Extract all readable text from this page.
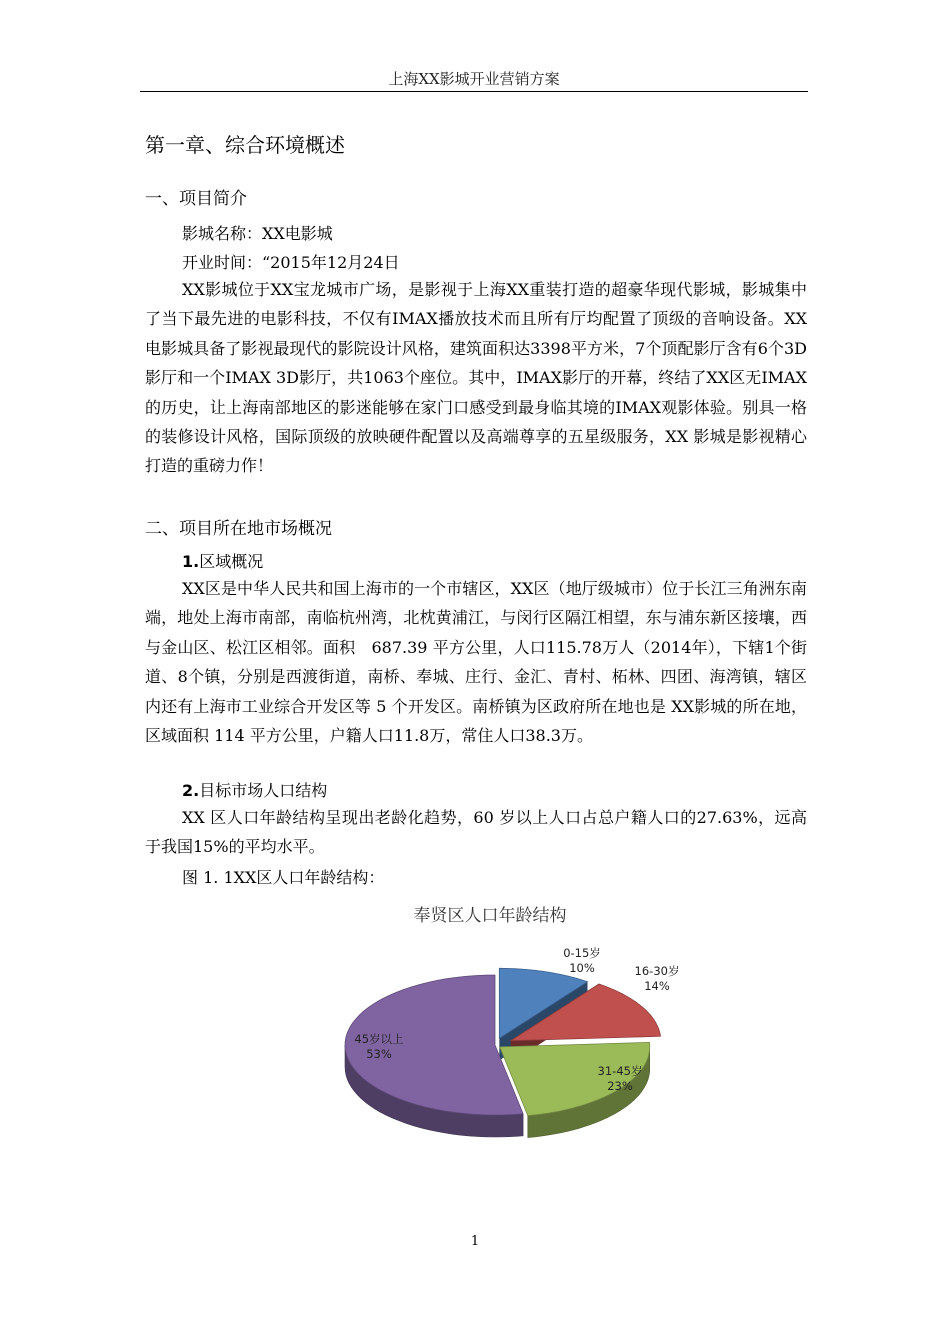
上海XX影城开业营销方案
第一章、综合环境概述
一、项目简介
影城名称：XX电影城
开业时间：“2015年12月24日

XX影城位于XX宝龙城市广场，是影视于上海XX重装打造的超豪华现代影城，影城集中了当下最先进的电影科技，不仅有IMAX播放技术而且所有厅均配置了顶级的音响设备。XX 电影城具备了影视最现代的影院设计风格，建筑面积达3398平方米，7个顶配影厅含有6个3D影厅和一个IMAX 3D影厅，共1063个座位。其中，IMAX影厅的开幕，终结了XX区无IMAX的历史，让上海南部地区的影迷能够在家门口感受到最身临其境的IMAX观影体验。别具一格的装修设计风格，国际顶级的放映硬件配置以及高端尊享的五星级服务，XX 影城是影视精心打造的重磅力作！

二、项目所在地市场概况
1.区域概况

XX区是中华人民共和国上海市的一个市辖区，XX区（地厅级城市）位于长江三角洲东南端，地处上海市南部，南临杭州湾，北枕黄浦江，与闵行区隔江相望，东与浦东新区接壤，西与金山区、松江区相邻。面积　687.39 平方公里，人口115.78万人（2014年），下辖1个街道、8个镇，分别是西渡街道，南桥、奉城、庄行、金汇、青村、柘林、四团、海湾镇，辖区内还有上海市工业综合开发区等 5 个开发区。南桥镇为区政府所在地也是 XX影城的所在地，区域面积 114 平方公里，户籍人口11.8万，常住人口38.3万。

2.目标市场人口结构

XX 区人口年龄结构呈现出老龄化趋势，60 岁以上人口占总户籍人口的27.63%，远高于我国15%的平均水平。

图 1. 1XX区人口年龄结构：
奉贤区人口年龄结构
0-15岁
10%	16-30岁
14%
31-45岁
23%
45岁以上
53%
1
